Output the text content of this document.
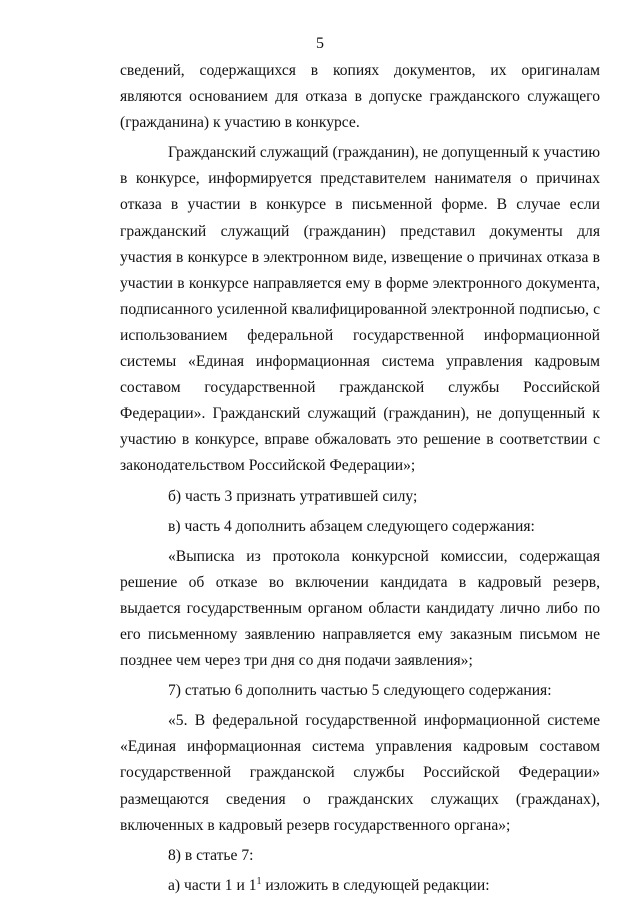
5

сведений, содержащихся в копиях документов, их оригиналам являются основанием для отказа в допуске гражданского служащего (гражданина) к участию в конкурсе.

Гражданский служащий (гражданин), не допущенный к участию в конкурсе, информируется представителем нанимателя о причинах отказа в участии в конкурсе в письменной форме. В случае если гражданский служащий (гражданин) представил документы для участия в конкурсе в электронном виде, извещение о причинах отказа в участии в конкурсе направляется ему в форме электронного документа, подписанного усиленной квалифицированной электронной подписью, с использованием федеральной государственной информационной системы «Единая информационная система управления кадровым составом государственной гражданской службы Российской Федерации». Гражданский служащий (гражданин), не допущенный к участию в конкурсе, вправе обжаловать это решение в соответствии с законодательством Российской Федерации»;

б) часть 3 признать утратившей силу;

в) часть 4 дополнить абзацем следующего содержания:

«Выписка из протокола конкурсной комиссии, содержащая решение об отказе во включении кандидата в кадровый резерв, выдается государственным органом области кандидату лично либо по его письменному заявлению направляется ему заказным письмом не позднее чем через три дня со дня подачи заявления»;

7) статью 6 дополнить частью 5 следующего содержания:

«5. В федеральной государственной информационной системе «Единая информационная система управления кадровым составом государственной гражданской службы Российской Федерации» размещаются сведения о гражданских служащих (гражданах), включенных в кадровый резерв государственного органа»;

8) в статье 7:

а) части 1 и $1^1$ изложить в следующей редакции:
